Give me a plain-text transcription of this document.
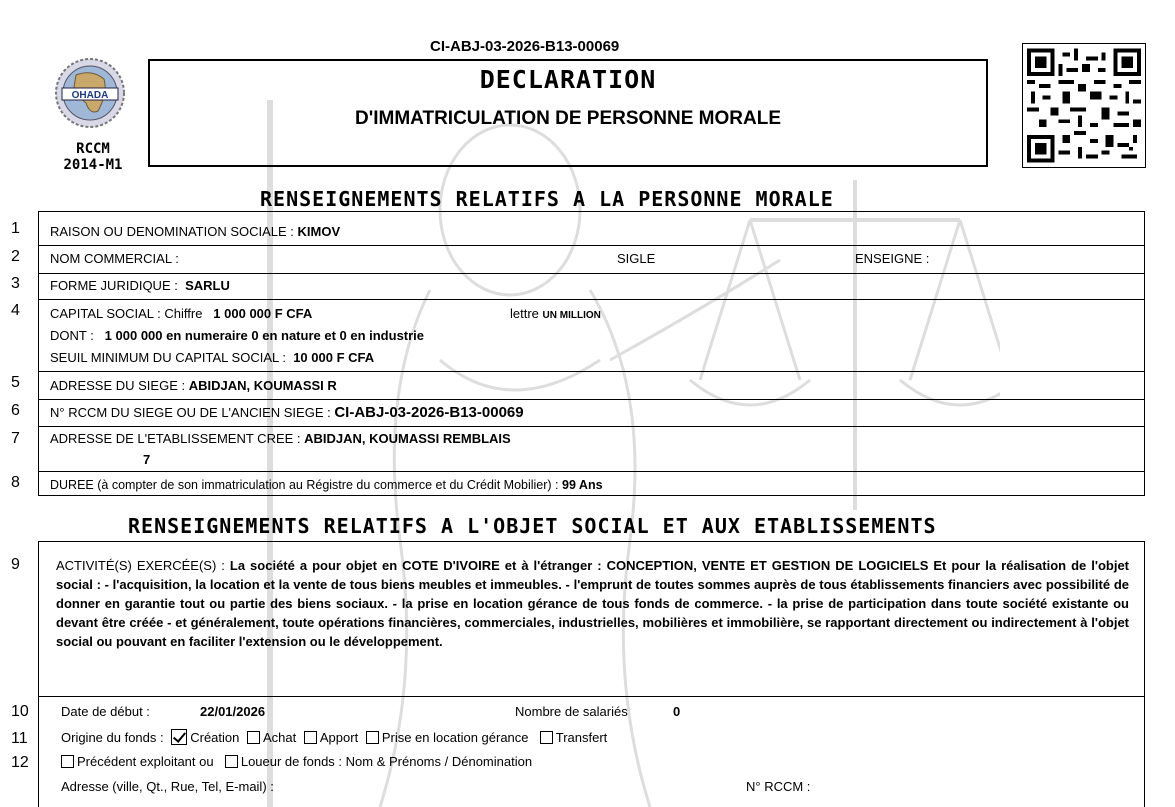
OHADA
RCCM
2014-M1
CI-ABJ-03-2026-B13-00069
DECLARATION
D'IMMATRICULATION DE PERSONNE MORALE
RENSEIGNEMENTS RELATIFS A LA PERSONNE MORALE
1 RAISON OU DENOMINATION SOCIALE : KIMOV
2 NOM COMMERCIAL :	SIGLE	ENSEIGNE :
3 FORME JURIDIQUE :  SARLU
4 CAPITAL SOCIAL : Chiffre   1 000 000 F CFA	lettre UN MILLION
DONT :   1 000 000 en numeraire 0 en nature et 0 en industrie
SEUIL MINIMUM DU CAPITAL SOCIAL :  10 000 F CFA
5 ADRESSE DU SIEGE : ABIDJAN, KOUMASSI R
6 N° RCCM DU SIEGE OU DE L'ANCIEN SIEGE : CI-ABJ-03-2026-B13-00069
7 ADRESSE DE L'ETABLISSEMENT CREE : ABIDJAN, KOUMASSI REMBLAIS
7
8 DUREE (à compter de son immatriculation au Régistre du commerce et du Crédit Mobilier) : 99 Ans
RENSEIGNEMENTS RELATIFS A L'OBJET SOCIAL ET AUX ETABLISSEMENTS
9	ACTIVITÉ(S) EXERCÉE(S) : La société a pour objet en COTE D'IVOIRE et à l'étranger : CONCEPTION, VENTE ET GESTION DE LOGICIELS Et pour la réalisation de l'objet social : - l'acquisition, la location et la vente de tous biens meubles et immeubles. - l'emprunt de toutes sommes auprès de tous établissements financiers avec possibilité de donner en garantie tout ou partie des biens sociaux. - la prise en location gérance de tous fonds de commerce. - la prise de participation dans toute société existante ou devant être créée - et généralement, toute opérations financières, commerciales, industrielles, mobilières et immobilière, se rapportant directement ou indirectement à l'objet social ou pouvant en faciliter l'extension ou le développement.
10 Date de début :	22/01/2026	Nombre de salariés	0
11	Origine du fonds : Création Achat Apport Prise en location gérance Transfert
12	Précédent exploitant ou Loueur de fonds : Nom & Prénoms / Dénomination
Adresse (ville, Qt., Rue, Tel, E-mail) :	N° RCCM :
